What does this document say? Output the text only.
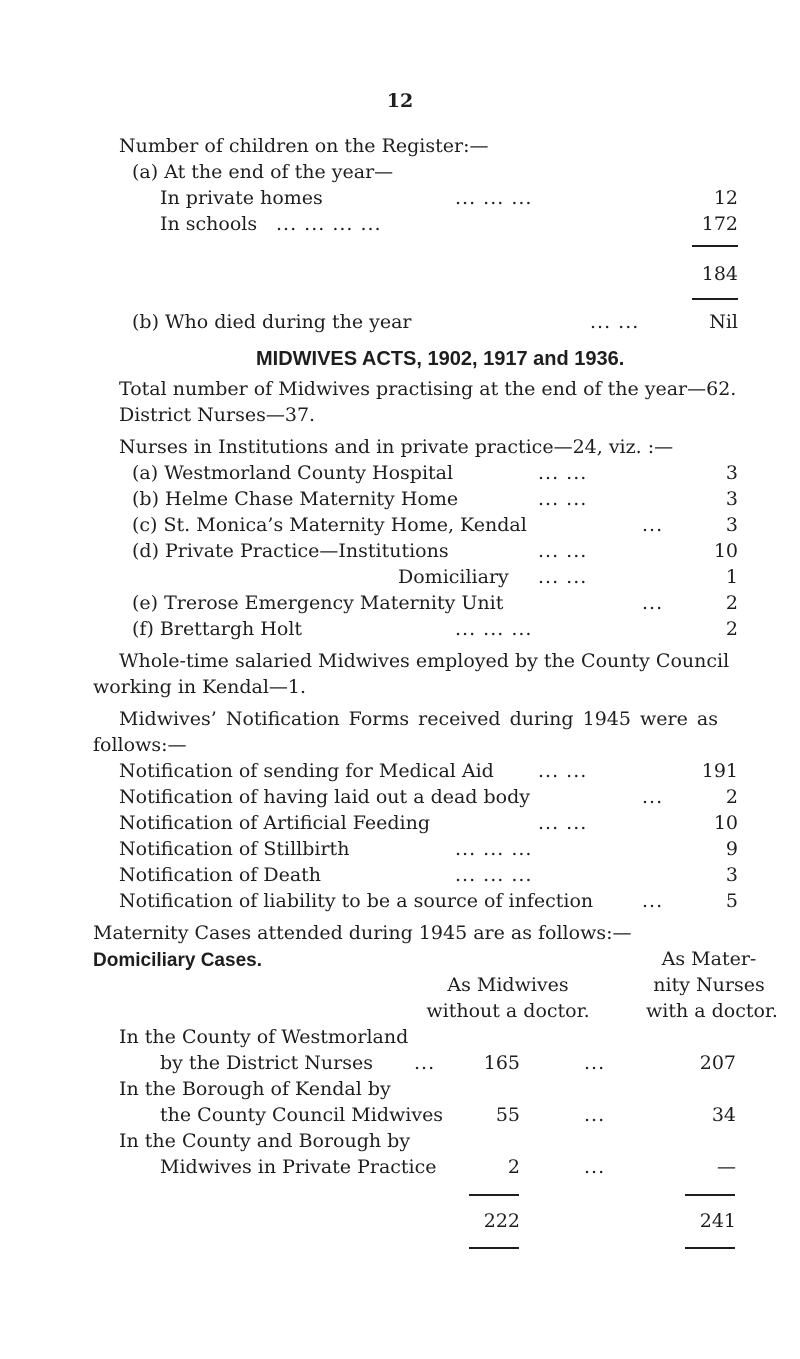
12
Number of children on the Register:—
(a) At the end of the year—
In private homes	... ... ...	12
In schools ... ... ... ...	172
184
(b) Who died during the year	... ...	Nil
MIDWIVES ACTS, 1902, 1917 and 1936.
Total number of Midwives practising at the end of the year—62.
District Nurses—37.
Nurses in Institutions and in private practice—24, viz. :—
(a) Westmorland County Hospital	... ...	3
(b) Helme Chase Maternity Home	... ...	3
(c) St. Monica’s Maternity Home, Kendal	...	3
(d) Private Practice—Institutions	... ...	10
Domiciliary ... ...	1
(e) Trerose Emergency Maternity Unit	...	2
(f) Brettargh Holt	... ... ...	2
Whole-time salaried Midwives employed by the County Council
working in Kendal—1.
Midwives’ Notification Forms received during 1945 were as
follows:—
Notification of sending for Medical Aid ... ...	191
Notification of having laid out a dead body	...	2
Notification of Artificial Feeding	... ...	10
Notification of Stillbirth	... ... ...	9
Notification of Death	... ... ...	3
Notification of liability to be a source of infection	...	5
Maternity Cases attended during 1945 are as follows:—
Domiciliary Cases.
As Midwives
without a doctor.
As Mater-
nity Nurses
with a doctor.
In the County of Westmorland
by the District Nurses ...	165	...	207
In the Borough of Kendal by
the County Council Midwives	55	...	34
In the County and Borough by
Midwives in Private Practice	2	...	—
222	241
